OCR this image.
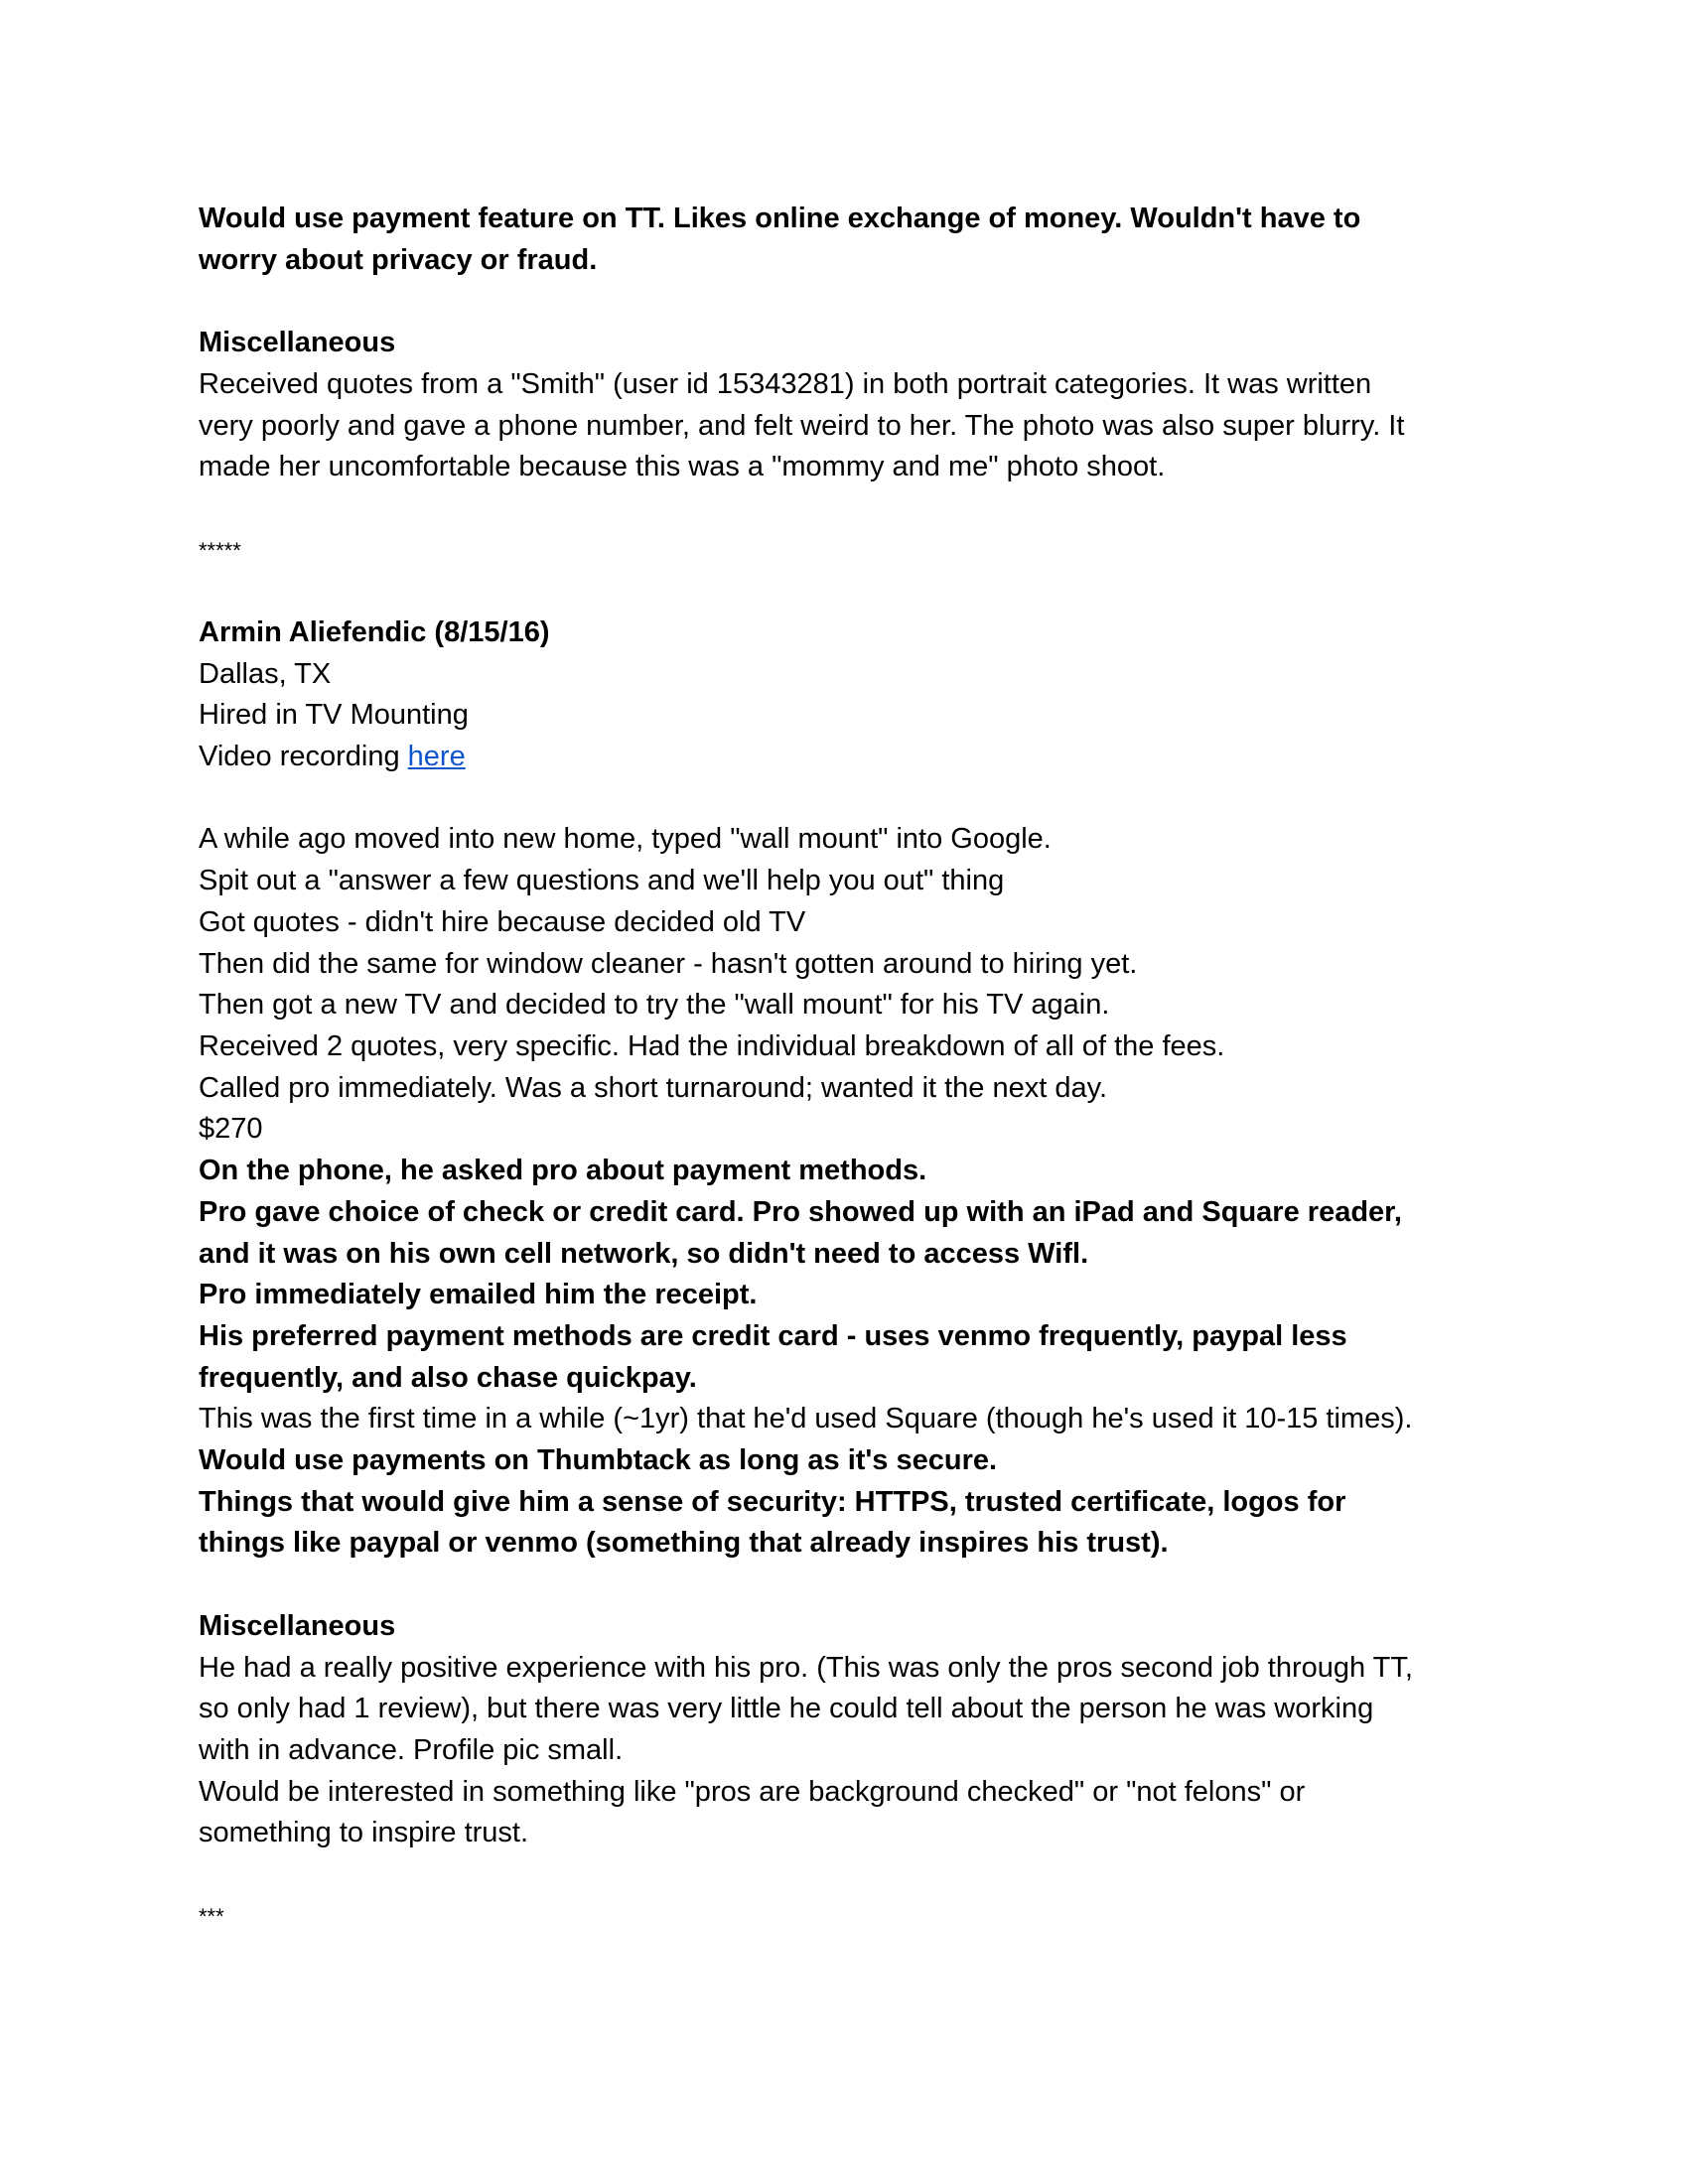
Would use payment feature on TT. Likes online exchange of money. Wouldn't have to
worry about privacy or fraud.
Miscellaneous
Received quotes from a "Smith" (user id 15343281) in both portrait categories. It was written
very poorly and gave a phone number, and felt weird to her. The photo was also super blurry. It
made her uncomfortable because this was a "mommy and me" photo shoot.
*****
Armin Aliefendic (8/15/16)
Dallas, TX
Hired in TV Mounting
Video recording here
A while ago moved into new home, typed "wall mount" into Google.
Spit out a "answer a few questions and we'll help you out" thing
Got quotes - didn't hire because decided old TV
Then did the same for window cleaner - hasn't gotten around to hiring yet.
Then got a new TV and decided to try the "wall mount" for his TV again.
Received 2 quotes, very specific. Had the individual breakdown of all of the fees.
Called pro immediately. Was a short turnaround; wanted it the next day.
$270
On the phone, he asked pro about payment methods.
Pro gave choice of check or credit card. Pro showed up with an iPad and Square reader,
and it was on his own cell network, so didn't need to access Wifl.
Pro immediately emailed him the receipt.
His preferred payment methods are credit card - uses venmo frequently, paypal less
frequently, and also chase quickpay.
This was the first time in a while (~1yr) that he'd used Square (though he's used it 10-15 times).
Would use payments on Thumbtack as long as it's secure.
Things that would give him a sense of security: HTTPS, trusted certificate, logos for
things like paypal or venmo (something that already inspires his trust).
Miscellaneous
He had a really positive experience with his pro. (This was only the pros second job through TT,
so only had 1 review), but there was very little he could tell about the person he was working
with in advance. Profile pic small.
Would be interested in something like "pros are background checked" or "not felons" or
something to inspire trust.
***
